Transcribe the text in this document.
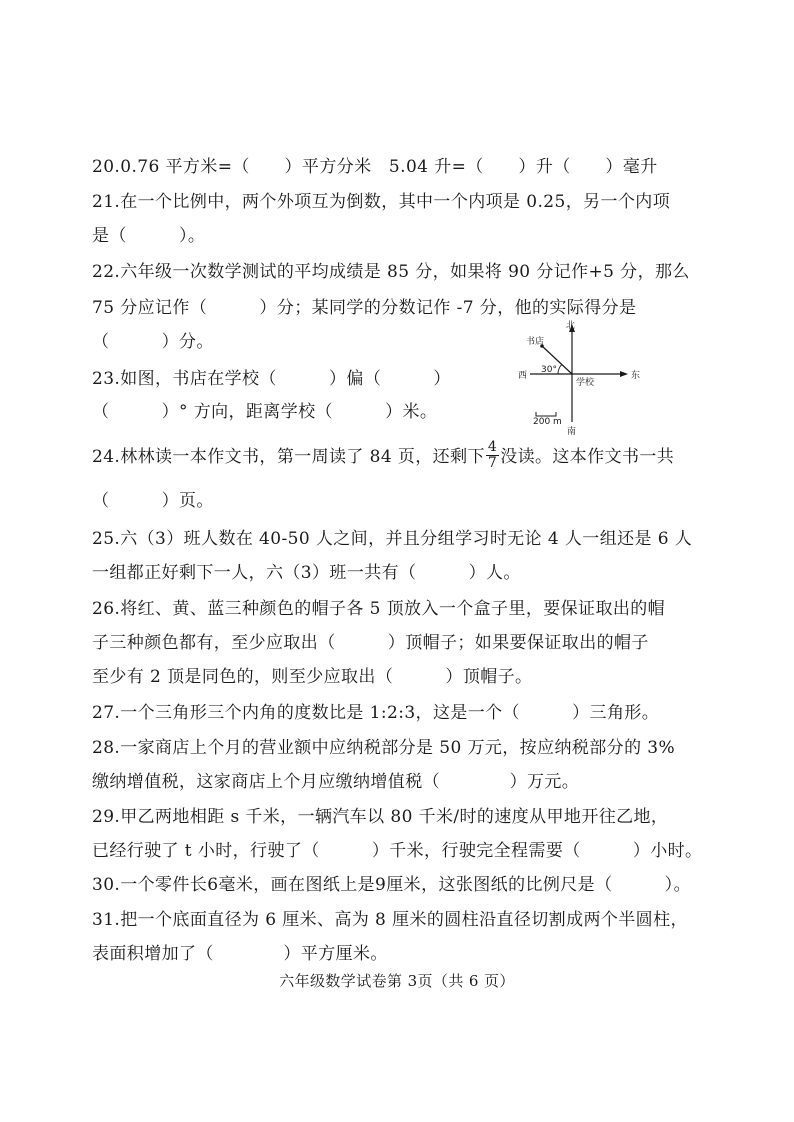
20.0.76 平方米=（　　）平方分米　5.04 升=（　　）升（　　）毫升
21.在一个比例中，两个外项互为倒数，其中一个内项是 0.25，另一个内项
是（　　　）。
22.六年级一次数学测试的平均成绩是 85 分，如果将 90 分记作+5 分，那么
75 分应记作（　　　）分；某同学的分数记作 -7 分，他的实际得分是
（　　　）分。
23.如图，书店在学校（　　　）偏（　　　）
（　　　）° 方向，距离学校（　　　）米。
24.林林读一本作文书，第一周读了 84 页，还剩下 $\frac{4}{7}$ 没读。这本作文书一共
（　　　）页。
25.六（3）班人数在 40-50 人之间，并且分组学习时无论 4 人一组还是 6 人
一组都正好剩下一人，六（3）班一共有（　　　）人。
26.将红、黄、蓝三种颜色的帽子各 5 顶放入一个盒子里，要保证取出的帽
子三种颜色都有，至少应取出（　　　）顶帽子；如果要保证取出的帽子
至少有 2 顶是同色的，则至少应取出（　　　）顶帽子。
27.一个三角形三个内角的度数比是 1:2:3，这是一个（　　　）三角形。
28.一家商店上个月的营业额中应纳税部分是 50 万元，按应纳税部分的 3%
缴纳增值税，这家商店上个月应缴纳增值税（　　　　）万元。
29.甲乙两地相距 s 千米，一辆汽车以 80 千米/时的速度从甲地开往乙地，
已经行驶了 t 小时，行驶了（　　　）千米，行驶完全程需要（　　　）小时。
30.一个零件长6毫米，画在图纸上是9厘米，这张图纸的比例尺是（　　　）。
31.把一个底面直径为 6 厘米、高为 8 厘米的圆柱沿直径切割成两个半圆柱，
表面积增加了（　　　　）平方厘米。
北
南
东
西
书店
学校
30°
200 m
六年级数学试卷第 3页（共 6 页）
